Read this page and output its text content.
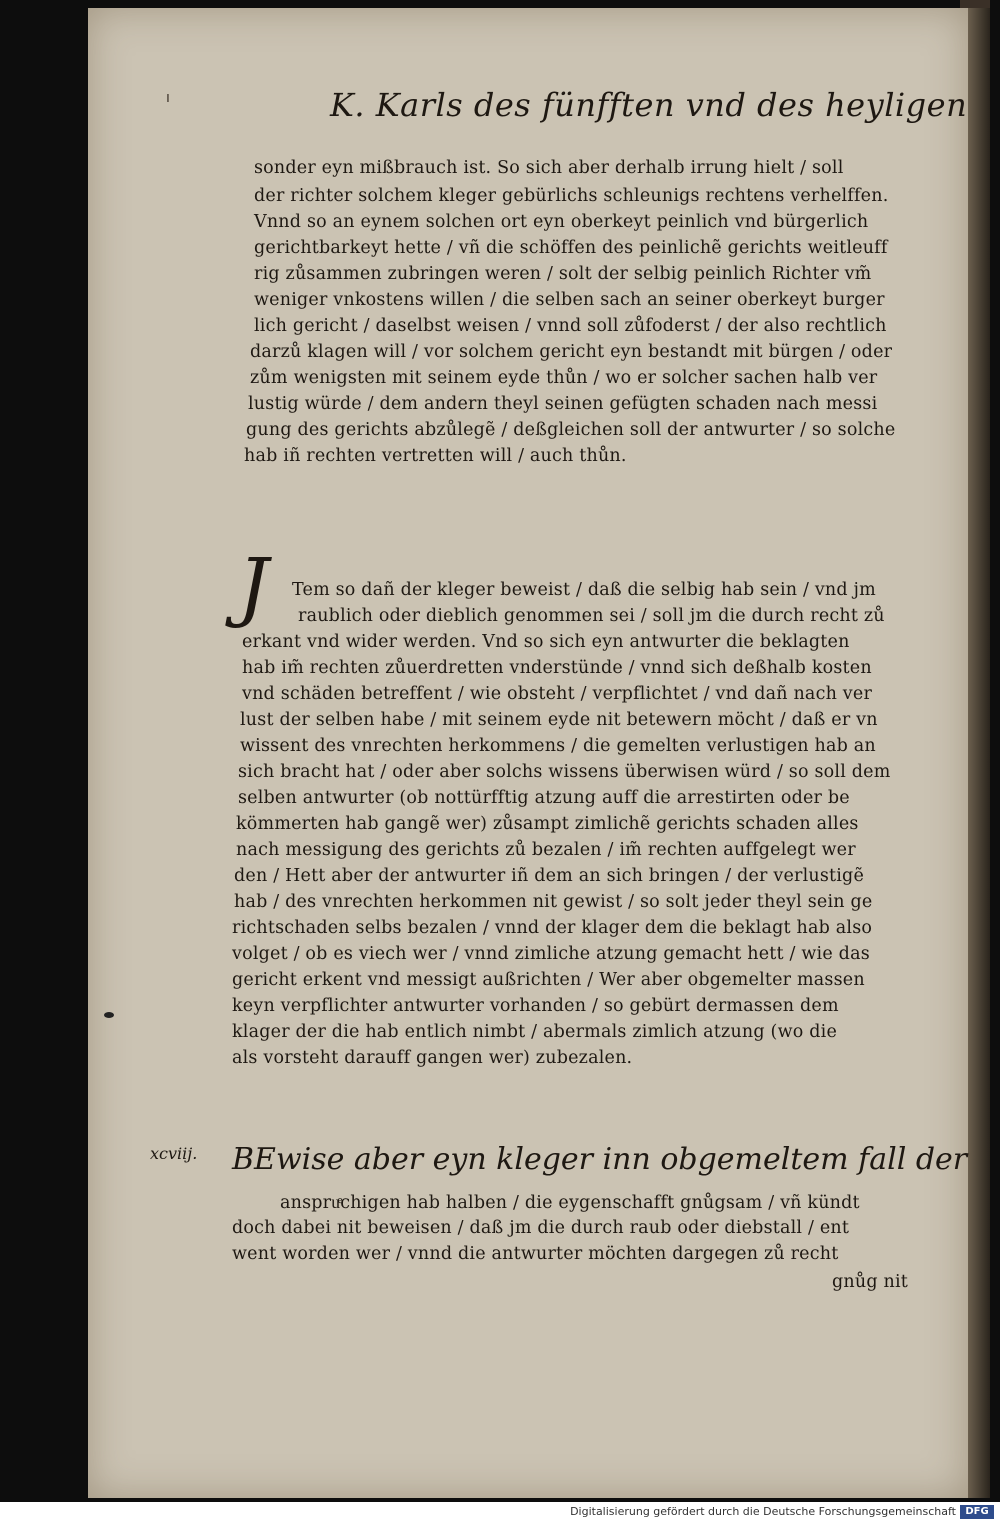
ı	K. Karls des fünfften vnd des heyligen
sonder eyn mißbrauch ist. So sich aber derhalb irrung hielt / soll
der richter solchem kleger gebürlichs schleunigs rechtens verhelffen.
Vnnd so an eynem solchen ort eyn oberkeyt peinlich vnd bürgerlich
gerichtbarkeyt hette / vñ die schöffen des peinlichẽ gerichts weitleuff
rig zůsammen zubringen weren / solt der selbig peinlich Richter vm̃
weniger vnkostens willen / die selben sach an seiner oberkeyt burger
lich gericht / daselbst weisen / vnnd soll zůfoderst / der also rechtlich
darzů klagen will / vor solchem gericht eyn bestandt mit bürgen / oder
zům wenigsten mit seinem eyde thůn / wo er solcher sachen halb ver
lustig würde / dem andern theyl seinen gefügten schaden nach messi
gung des gerichts abzůlegẽ / deßgleichen soll der antwurter / so solche
hab iñ rechten vertretten will / auch thůn.
J Tem so dañ der kleger beweist / daß die selbig hab sein / vnd jm
raublich oder dieblich genommen sei / soll jm die durch recht zů
erkant vnd wider werden. Vnd so sich eyn antwurter die beklagten
hab im̃ rechten zůuerdretten vnderstünde / vnnd sich deßhalb kosten
vnd schäden betreffent / wie obsteht / verpflichtet / vnd dañ nach ver
lust der selben habe / mit seinem eyde nit betewern möcht / daß er vn
wissent des vnrechten herkommens / die gemelten verlustigen hab an
sich bracht hat / oder aber solchs wissens überwisen würd / so soll dem
selben antwurter (ob nottürfftig atzung auff die arrestirten oder be
kömmerten hab gangẽ wer) zůsampt zimlichẽ gerichts schaden alles
nach messigung des gerichts zů bezalen / im̃ rechten auffgelegt wer
den / Hett aber der antwurter iñ dem an sich bringen / der verlustigẽ
hab / des vnrechten herkommen nit gewist / so solt jeder theyl sein ge
richtschaden selbs bezalen / vnnd der klager dem die beklagt hab also
volget / ob es viech wer / vnnd zimliche atzung gemacht hett / wie das
gericht erkent vnd messigt außrichten / Wer aber obgemelter massen
keyn verpflichter antwurter vorhanden / so gebürt dermassen dem
klager der die hab entlich nimbt / abermals zimlich atzung (wo die
als vorsteht darauff gangen wer) zubezalen.
xcviij. BEwise aber eyn kleger inn obgemeltem fall der
anspruͤchigen hab halben / die eygenschafft gnůgsam / vñ kündt
doch dabei nit beweisen / daß jm die durch raub oder diebstall / ent
went worden wer / vnnd die antwurter möchten dargegen zů recht
gnůg nit
Digitalisierung gefördert durch die Deutsche Forschungsgemeinschaft DFG
